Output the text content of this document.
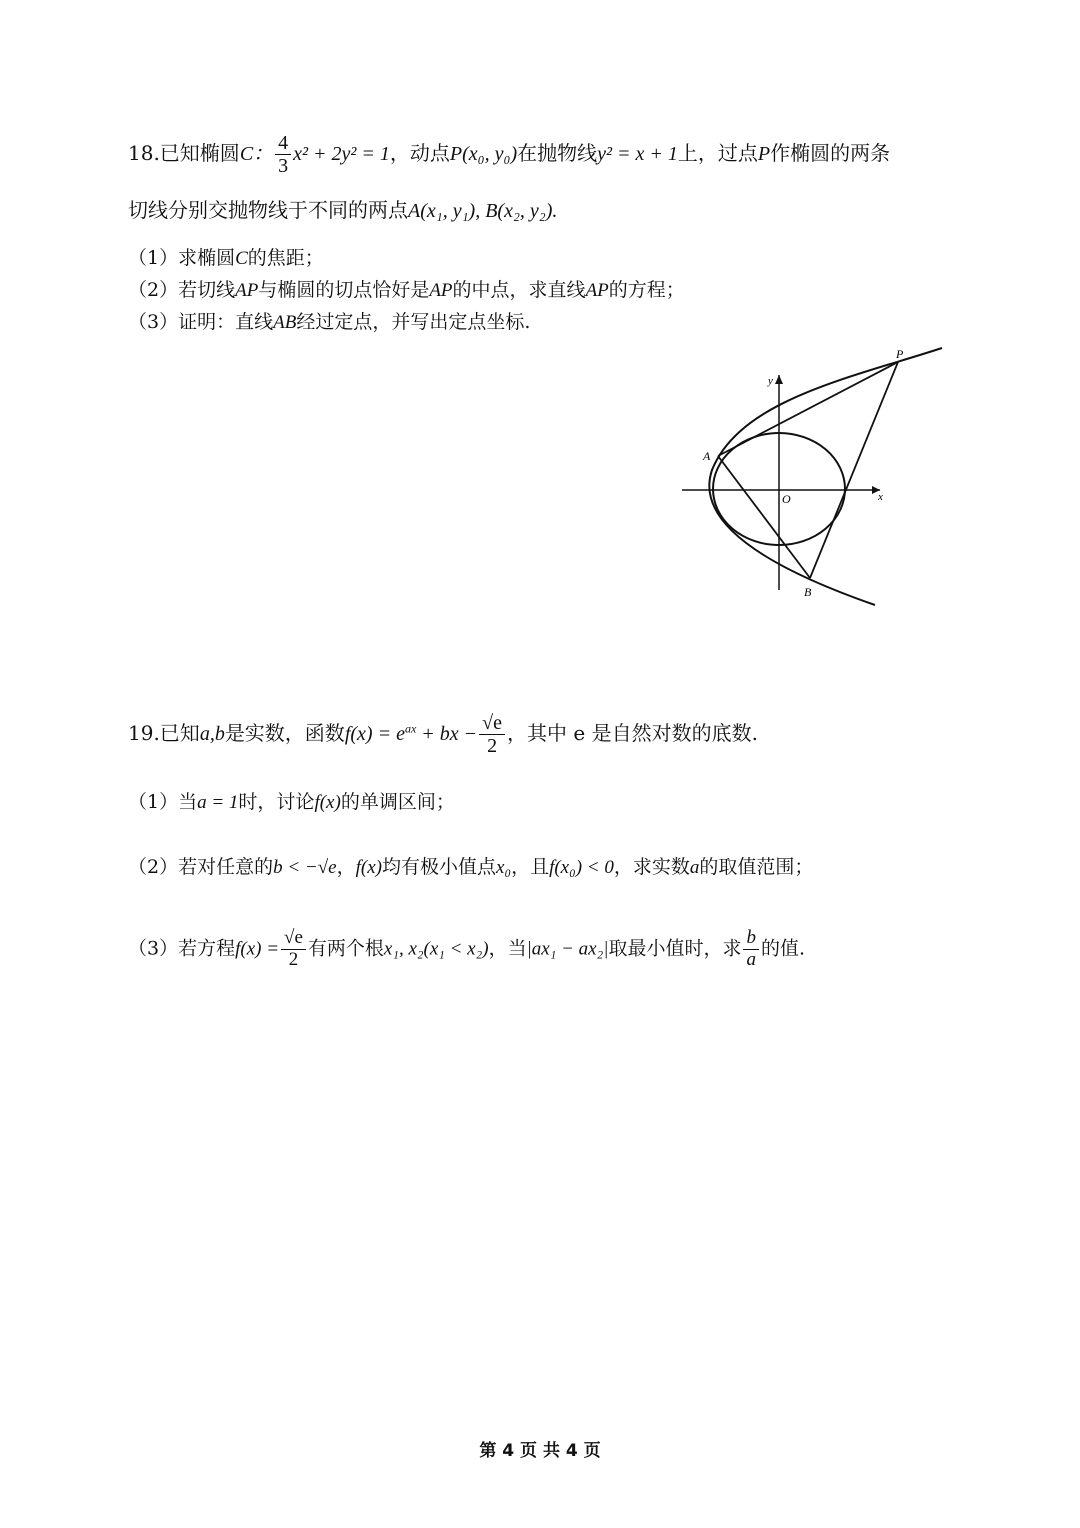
18.已知椭圆C： $\frac{4}{3} x^2 + 2y^2 = 1$，动点P(x₀, y₀)在抛物线y² = x + 1上，过点P作椭圆的两条
切线分别交抛物线于不同的两点A(x₁, y₁), B(x₂, y₂).
（1）求椭圆C的焦距；
（2）若切线AP与椭圆的切点恰好是AP的中点，求直线AP的方程；
（3）证明：直线AB经过定点，并写出定点坐标.
P
A
B
O	x
y
19.已知a,b是实数，函数$f(x) = e^{ax}$ + bx − $\frac{√e}{2}$ ，其中 e 是自然对数的底数.
（1）当a = 1时，讨论f(x)的单调区间；
（2）若对任意的b < −√e，f(x)均有极小值点x₀，且f(x₀) < 0，求实数a的取值范围；
（3）若方程$f(x) = \frac{√e}{2}$ 有两个根x₁, x₂(x₁ < x₂)，当|ax₁ − ax₂|取最小值时，求 $\frac{b}{a}$ 的值.
第 4 页 共 4 页
